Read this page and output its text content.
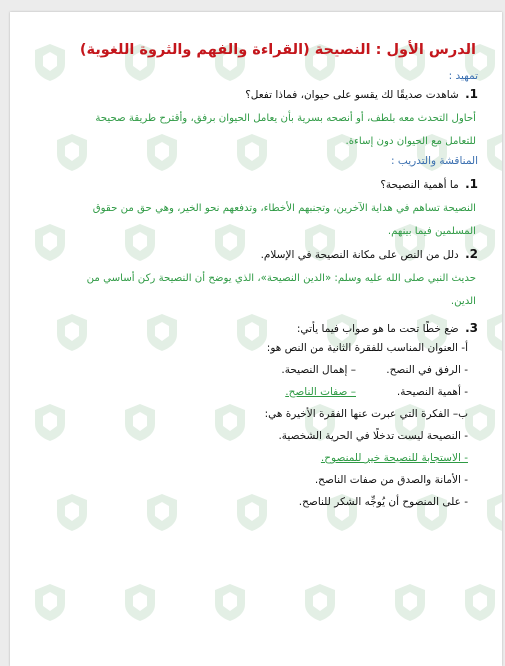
الدرس الأول : النصيحة (القراءة والفهم والثروة اللغوية)
تمهيد :
1. شاهدت صديقًا لك يقسو على حيوان، فماذا تفعل؟
أحاول التحدث معه بلطف، أو أنصحه بسرية بأن يعامل الحيوان برفق، وأقترح طريقة صحيحة
للتعامل مع الحيوان دون إساءة.
المناقشة والتدريب :
1. ما أهمية النصيحة؟
النصيحة تساهم في هداية الآخرين، وتجنبهم الأخطاء، وتدفعهم نحو الخير، وهي حق من حقوق
المسلمين فيما بينهم.
2. دلل من النص على مكانة النصيحة في الإسلام.
حديث النبي صلى الله عليه وسلم: «الدين النصيحة»، الذي يوضح أن النصيحة ركن أساسي من
الدين.
3. ضع خطًا تحت ما هو صواب فيما يأتي:
أ- العنوان المناسب للفقرة الثانية من النص هو:
- الرفق في النصح.
– إهمال النصيحة.
- أهمية النصيحة.
– صفات الناصح.
ب– الفكرة التي عبرت عنها الفقرة الأخيرة هي:
- النصيحة ليست تدخلًا في الحرية الشخصية.
- الاستجابة للنصيحة خير للمنصوح.
- الأمانة والصدق من صفات الناصح.
- على المنصوح أن يُوجِّه الشكر للناصح.
